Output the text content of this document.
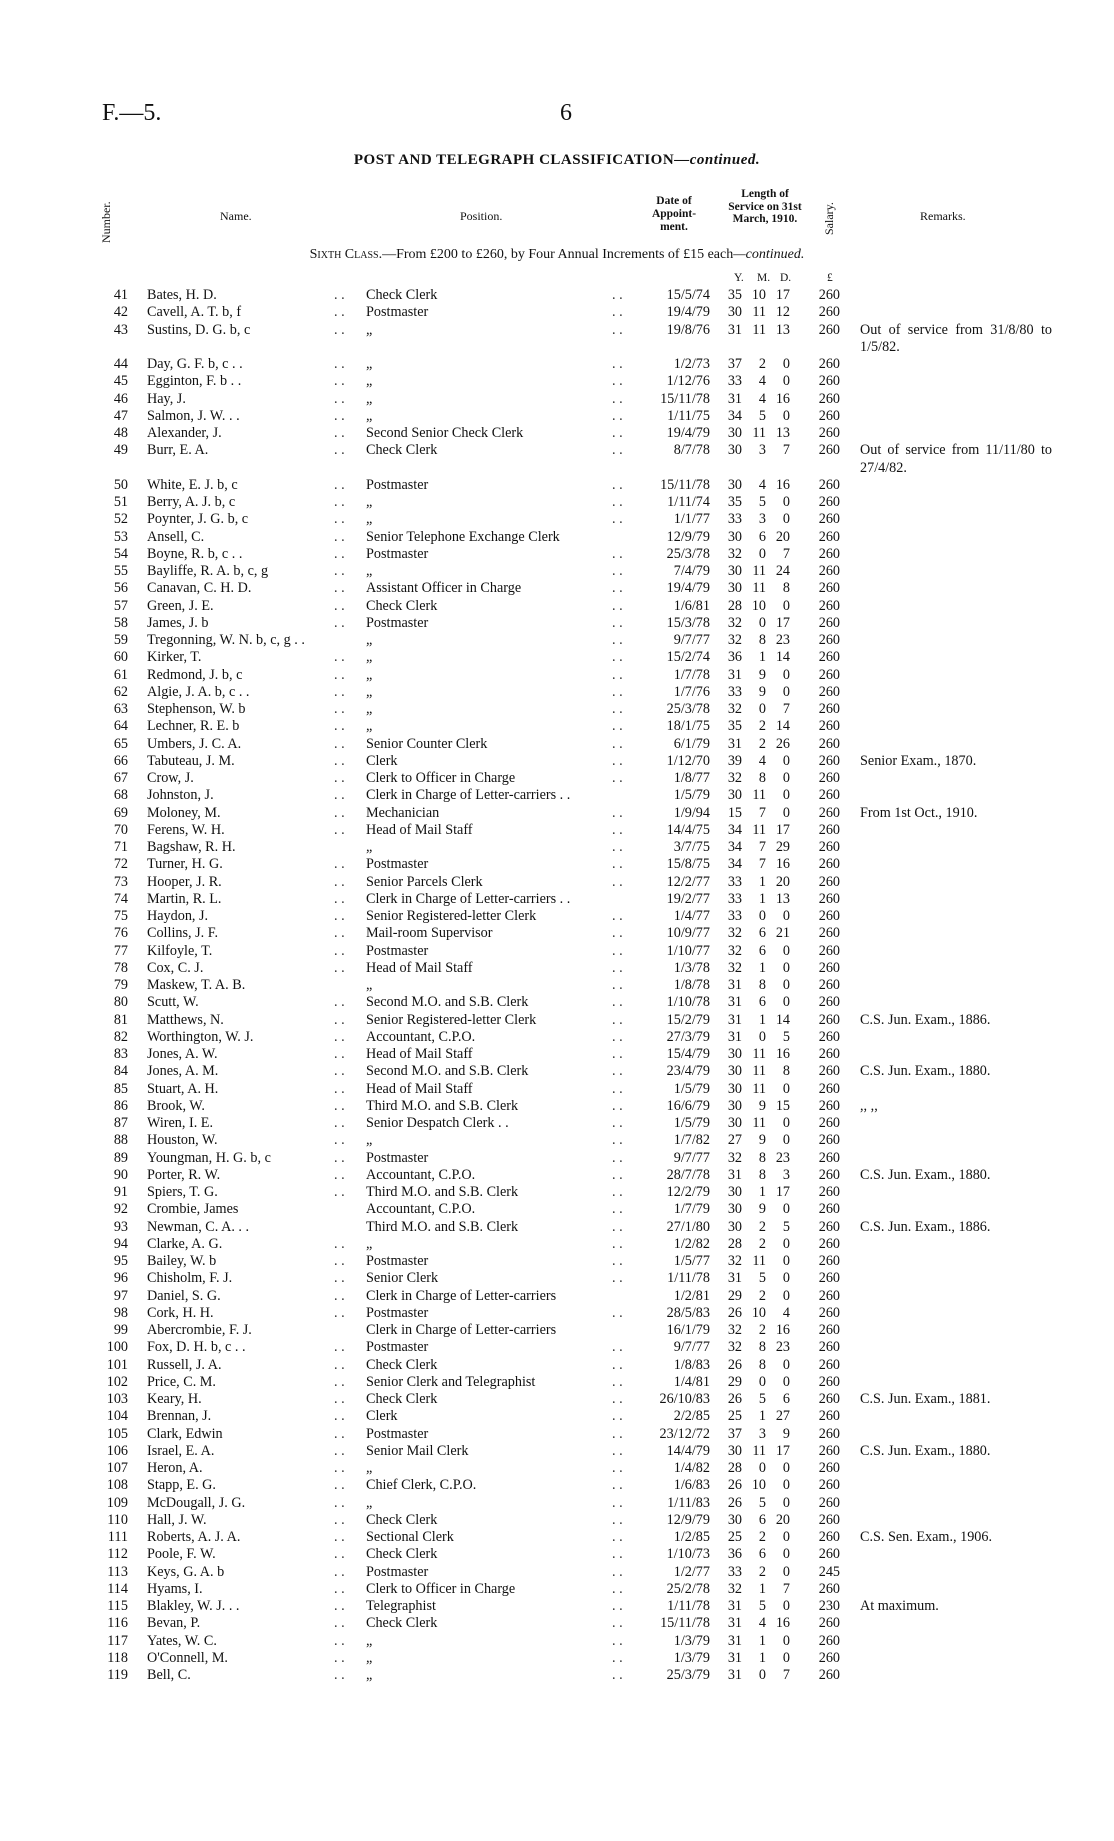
F.—5.	6
POST AND TELEGRAPH CLASSIFICATION—continued.
Number.	Name.	Position.
Date of Appoint- ment.
Length of Service on 31st March, 1910.	Salary.	Remarks.
Sixth Class.—From £200 to £260, by Four Annual Increments of £15 each—continued.
Y. M. D.	£
41 Bates, H. D.	. . Check Clerk	. .	15/5/74	35 10 17	260
42 Cavell, A. T. b, f	. . Postmaster	. .	19/4/79	30 11 12	260
43 Sustins, D. G. b, c	. . „	. .	19/8/76	31 11 13	260 Out of service from 31/8/80 to 1/5/82.
44 Day, G. F. b, c . .	. . „	. .	1/2/73	37	2	0	260
45 Egginton, F. b . .	. . „	. .	1/12/76	33	4	0	260
46 Hay, J.	. . „	. .	15/11/78	31	4 16	260
47 Salmon, J. W. . .	. . „	. .	1/11/75	34	5	0	260
48 Alexander, J.	. . Second Senior Check Clerk	. .	19/4/79	30 11 13	260
49 Burr, E. A.	. . Check Clerk	. .	8/7/78	30	3	7	260 Out of service from 11/11/80 to 27/4/82.
50 White, E. J. b, c	. . Postmaster	. .	15/11/78	30	4 16	260
51 Berry, A. J. b, c	. . „	. .	1/11/74	35	5	0	260
52 Poynter, J. G. b, c	. . „	. .	1/1/77	33	3	0	260
53 Ansell, C.	. . Senior Telephone Exchange Clerk	12/9/79	30	6 20	260
54 Boyne, R. b, c . .	. . Postmaster	. .	25/3/78	32	0	7	260
55 Bayliffe, R. A. b, c, g	. . „	. .	7/4/79	30 11 24	260
56 Canavan, C. H. D.	. . Assistant Officer in Charge	. .	19/4/79	30 11	8	260
57 Green, J. E.	. . Check Clerk	. .	1/6/81	28 10	0	260
58 James, J. b	. . Postmaster	. .	15/3/78	32	0 17	260
59 Tregonning, W. N. b, c, g . .	„	. .	9/7/77	32	8 23	260
60 Kirker, T.	. . „	. .	15/2/74	36	1 14	260
61 Redmond, J. b, c	. . „	. .	1/7/78	31	9	0	260
62 Algie, J. A. b, c . .	. . „	. .	1/7/76	33	9	0	260
63 Stephenson, W. b	. . „	. .	25/3/78	32	0	7	260
64 Lechner, R. E. b	. . „	. .	18/1/75	35	2 14	260
65 Umbers, J. C. A.	. . Senior Counter Clerk	. .	6/1/79	31	2 26	260
66 Tabuteau, J. M.	. . Clerk	. .	1/12/70	39	4	0	260 Senior Exam., 1870.
67 Crow, J.	. . Clerk to Officer in Charge	. .	1/8/77	32	8	0	260
68 Johnston, J.	. . Clerk in Charge of Letter-carriers . .	1/5/79	30 11	0	260
69 Moloney, M.	. . Mechanician	. .	1/9/94	15	7	0	260 From 1st Oct., 1910.
70 Ferens, W. H.	. . Head of Mail Staff	. .	14/4/75	34 11 17	260
71 Bagshaw, R. H.	„	. .	3/7/75	34	7 29	260
72 Turner, H. G.	. . Postmaster	. .	15/8/75	34	7 16	260
73 Hooper, J. R.	. . Senior Parcels Clerk	. .	12/2/77	33	1 20	260
74 Martin, R. L.	. . Clerk in Charge of Letter-carriers . .	19/2/77	33	1 13	260
75 Haydon, J.	. . Senior Registered-letter Clerk	. .	1/4/77	33	0	0	260
76 Collins, J. F.	. . Mail-room Supervisor	. .	10/9/77	32	6 21	260
77 Kilfoyle, T.	. . Postmaster	. .	1/10/77	32	6	0	260
78 Cox, C. J.	. . Head of Mail Staff	. .	1/3/78	32	1	0	260
79 Maskew, T. A. B.	„	. .	1/8/78	31	8	0	260
80 Scutt, W.	. . Second M.O. and S.B. Clerk	. .	1/10/78	31	6	0	260
81 Matthews, N.	. . Senior Registered-letter Clerk	. .	15/2/79	31	1 14	260 C.S. Jun. Exam., 1886.
82 Worthington, W. J.	. . Accountant, C.P.O.	. .	27/3/79	31	0	5	260
83 Jones, A. W.	. . Head of Mail Staff	. .	15/4/79	30 11 16	260
84 Jones, A. M.	. . Second M.O. and S.B. Clerk	. .	23/4/79	30 11	8	260 C.S. Jun. Exam., 1880.
85 Stuart, A. H.	. . Head of Mail Staff	. .	1/5/79	30 11	0	260
86 Brook, W.	. . Third M.O. and S.B. Clerk	. .	16/6/79	30	9 15	260 ,, ,,
87 Wiren, I. E.	. . Senior Despatch Clerk . .	. .	1/5/79	30 11	0	260
88 Houston, W.	. . „	. .	1/7/82	27	9	0	260
89 Youngman, H. G. b, c	. . Postmaster	. .	9/7/77	32	8 23	260
90 Porter, R. W.	. . Accountant, C.P.O.	. .	28/7/78	31	8	3	260 C.S. Jun. Exam., 1880.
91 Spiers, T. G.	. . Third M.O. and S.B. Clerk	. .	12/2/79	30	1 17	260
92 Crombie, James	Accountant, C.P.O.	. .	1/7/79	30	9	0	260
93 Newman, C. A. . .	Third M.O. and S.B. Clerk	. .	27/1/80	30	2	5	260 C.S. Jun. Exam., 1886.
94 Clarke, A. G.	. . „	. .	1/2/82	28	2	0	260
95 Bailey, W. b	. . Postmaster	. .	1/5/77	32 11	0	260
96 Chisholm, F. J.	. . Senior Clerk	. .	1/11/78	31	5	0	260
97 Daniel, S. G.	. . Clerk in Charge of Letter-carriers	1/2/81	29	2	0	260
98 Cork, H. H.	. . Postmaster	. .	28/5/83	26 10	4	260
99 Abercrombie, F. J.	Clerk in Charge of Letter-carriers	16/1/79	32	2 16	260
100 Fox, D. H. b, c . .	. . Postmaster	. .	9/7/77	32	8 23	260
101 Russell, J. A.	. . Check Clerk	. .	1/8/83	26	8	0	260
102 Price, C. M.	. . Senior Clerk and Telegraphist	. .	1/4/81	29	0	0	260
103 Keary, H.	. . Check Clerk	. .	26/10/83	26	5	6	260 C.S. Jun. Exam., 1881.
104 Brennan, J.	. . Clerk	. .	2/2/85	25	1 27	260
105 Clark, Edwin	. . Postmaster	. .	23/12/72	37	3	9	260
106 Israel, E. A.	. . Senior Mail Clerk	. .	14/4/79	30 11 17	260 C.S. Jun. Exam., 1880.
107 Heron, A.	. . „	. .	1/4/82	28	0	0	260
108 Stapp, E. G.	. . Chief Clerk, C.P.O.	. .	1/6/83	26 10	0	260
109 McDougall, J. G.	. . „	. .	1/11/83	26	5	0	260
110 Hall, J. W.	. . Check Clerk	. .	12/9/79	30	6 20	260
111 Roberts, A. J. A.	. . Sectional Clerk	. .	1/2/85	25	2	0	260 C.S. Sen. Exam., 1906.
112 Poole, F. W.	. . Check Clerk	. .	1/10/73	36	6	0	260
113 Keys, G. A. b	. . Postmaster	. .	1/2/77	33	2	0	245
114 Hyams, I.	. . Clerk to Officer in Charge	. .	25/2/78	32	1	7	260
115 Blakley, W. J. . .	. . Telegraphist	. .	1/11/78	31	5	0	230 At maximum.
116 Bevan, P.	. . Check Clerk	. .	15/11/78	31	4 16	260
117 Yates, W. C.	. . „	. .	1/3/79	31	1	0	260
118 O'Connell, M.	. . „	. .	1/3/79	31	1	0	260
119 Bell, C.	. . „	. .	25/3/79	31	0	7	260
